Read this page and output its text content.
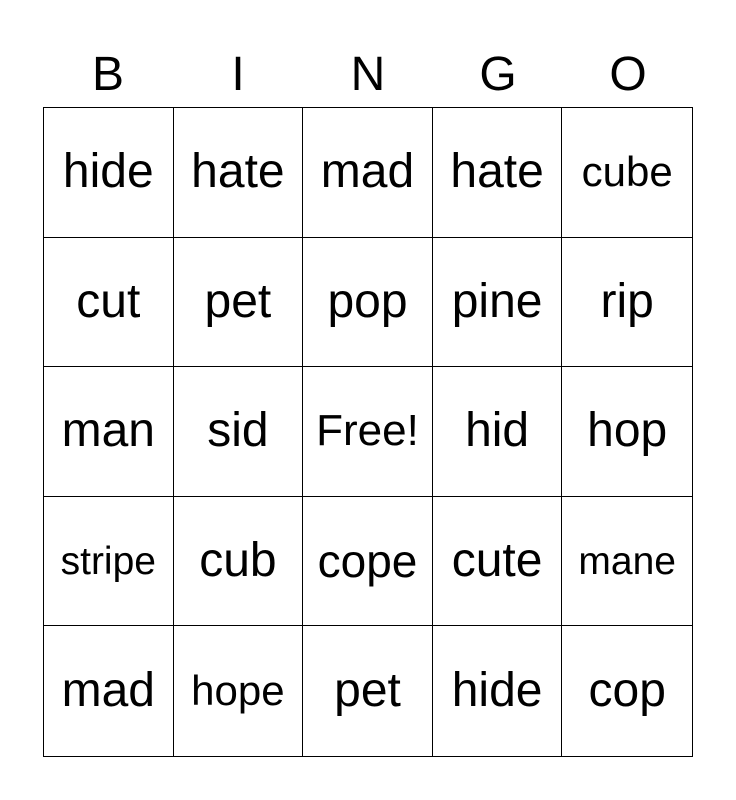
B	I	N	G	O
hide hate mad hate cube
cut	pet	pop pine	rip
man	sid	Free! hid	hop
stripe cub cope cute mane
mad hope	pet	hide cop
